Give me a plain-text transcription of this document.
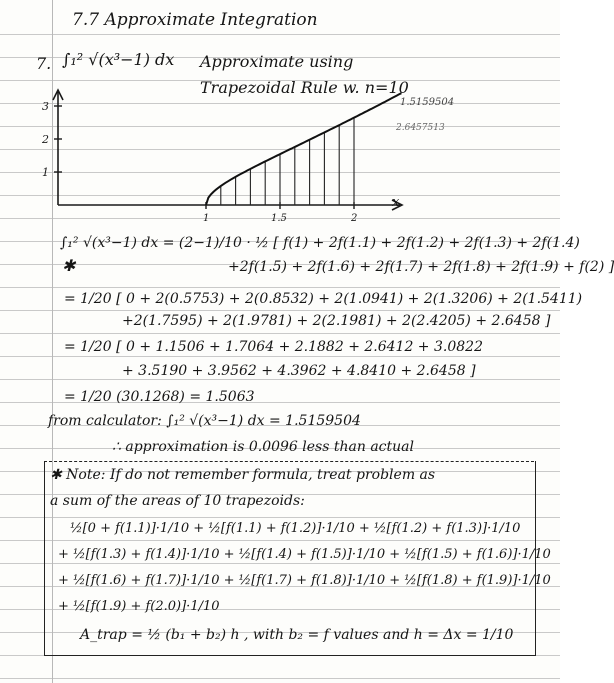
7.7 Approximate Integration
7. ∫₁² √(x³−1) dx Approximate using
Trapezoidal Rule w. n=10
1
2
3
1	1.5	2
x
1.5159504
2.6457513
∫₁² √(x³−1) dx = (2−1)/10 · ½ [ f(1) + 2f(1.1) + 2f(1.2) + 2f(1.3) + 2f(1.4)
✱	+2f(1.5) + 2f(1.6) + 2f(1.7) + 2f(1.8) + 2f(1.9) + f(2) ]
= 1/20 [ 0 + 2(0.5753) + 2(0.8532) + 2(1.0941) + 2(1.3206) + 2(1.5411)
+2(1.7595) + 2(1.9781) + 2(2.1981) + 2(2.4205) + 2.6458 ]
= 1/20 [ 0 + 1.1506 + 1.7064 + 2.1882 + 2.6412 + 3.0822
+ 3.5190 + 3.9562 + 4.3962 + 4.8410 + 2.6458 ]
= 1/20 (30.1268) = 1.5063
from calculator: ∫₁² √(x³−1) dx = 1.5159504
∴ approximation is 0.0096 less than actual
✱ Note: If do not remember formula, treat problem as
a sum of the areas of 10 trapezoids:
½[0 + f(1.1)]·1/10 + ½[f(1.1) + f(1.2)]·1/10 + ½[f(1.2) + f(1.3)]·1/10
+ ½[f(1.3) + f(1.4)]·1/10 + ½[f(1.4) + f(1.5)]·1/10 + ½[f(1.5) + f(1.6)]·1/10
+ ½[f(1.6) + f(1.7)]·1/10 + ½[f(1.7) + f(1.8)]·1/10 + ½[f(1.8) + f(1.9)]·1/10
+ ½[f(1.9) + f(2.0)]·1/10
A_trap = ½ (b₁ + b₂) h , with b₂ = f values and h = Δx = 1/10
